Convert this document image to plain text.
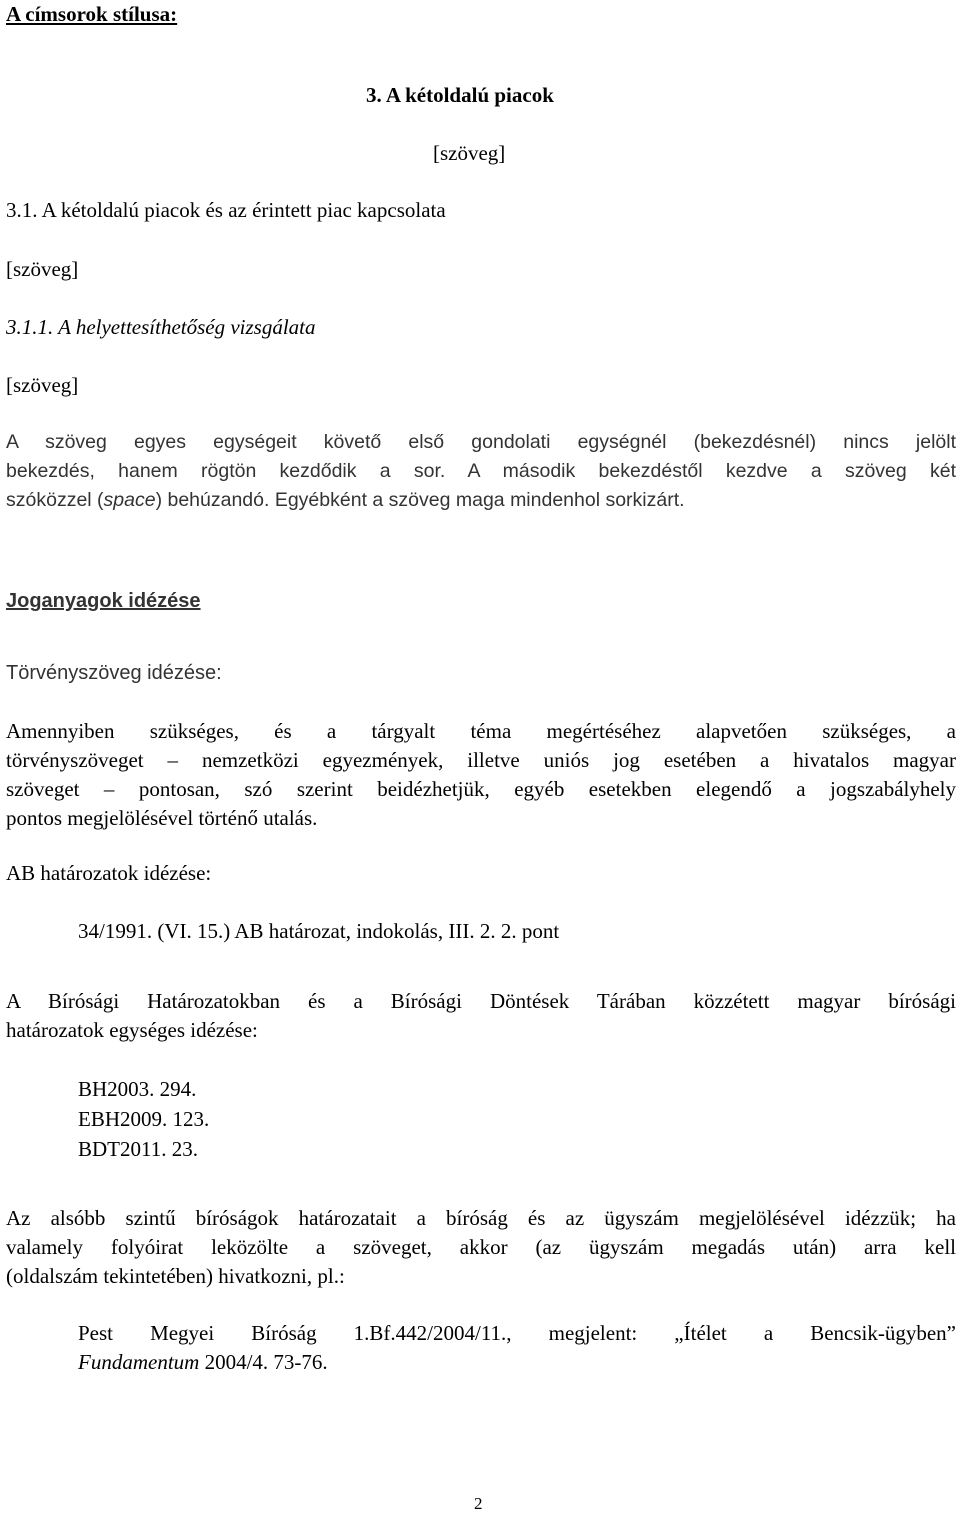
A címsorok stílusa:
3. A kétoldalú piacok
[szöveg]
3.1. A kétoldalú piacok és az érintett piac kapcsolata
[szöveg]
3.1.1. A helyettesíthetőség vizsgálata
[szöveg]
A szöveg egyes egységeit követő első gondolati egységnél (bekezdésnél) nincs jelölt
bekezdés, hanem rögtön kezdődik a sor. A második bekezdéstől kezdve a szöveg két
szóközzel (space) behúzandó. Egyébként a szöveg maga mindenhol sorkizárt.
Joganyagok idézése
Törvényszöveg idézése:
Amennyiben szükséges, és a tárgyalt téma megértéséhez alapvetően szükséges, a
törvényszöveget – nemzetközi egyezmények, illetve uniós jog esetében a hivatalos magyar
szöveget – pontosan, szó szerint beidézhetjük, egyéb esetekben elegendő a jogszabályhely
pontos megjelölésével történő utalás.
AB határozatok idézése:
34/1991. (VI. 15.) AB határozat, indokolás, III. 2. 2. pont
A Bírósági Határozatokban és a Bírósági Döntések Tárában közzétett magyar bírósági
határozatok egységes idézése:
BH2003. 294.
EBH2009. 123.
BDT2011. 23.
Az alsóbb szintű bíróságok határozatait a bíróság és az ügyszám megjelölésével idézzük; ha
valamely folyóirat leközölte a szöveget, akkor (az ügyszám megadás után) arra kell
(oldalszám tekintetében) hivatkozni, pl.:
Pest Megyei Bíróság 1.Bf.442/2004/11., megjelent: „Ítélet a Bencsik-ügyben”
Fundamentum 2004/4. 73-76.
2
